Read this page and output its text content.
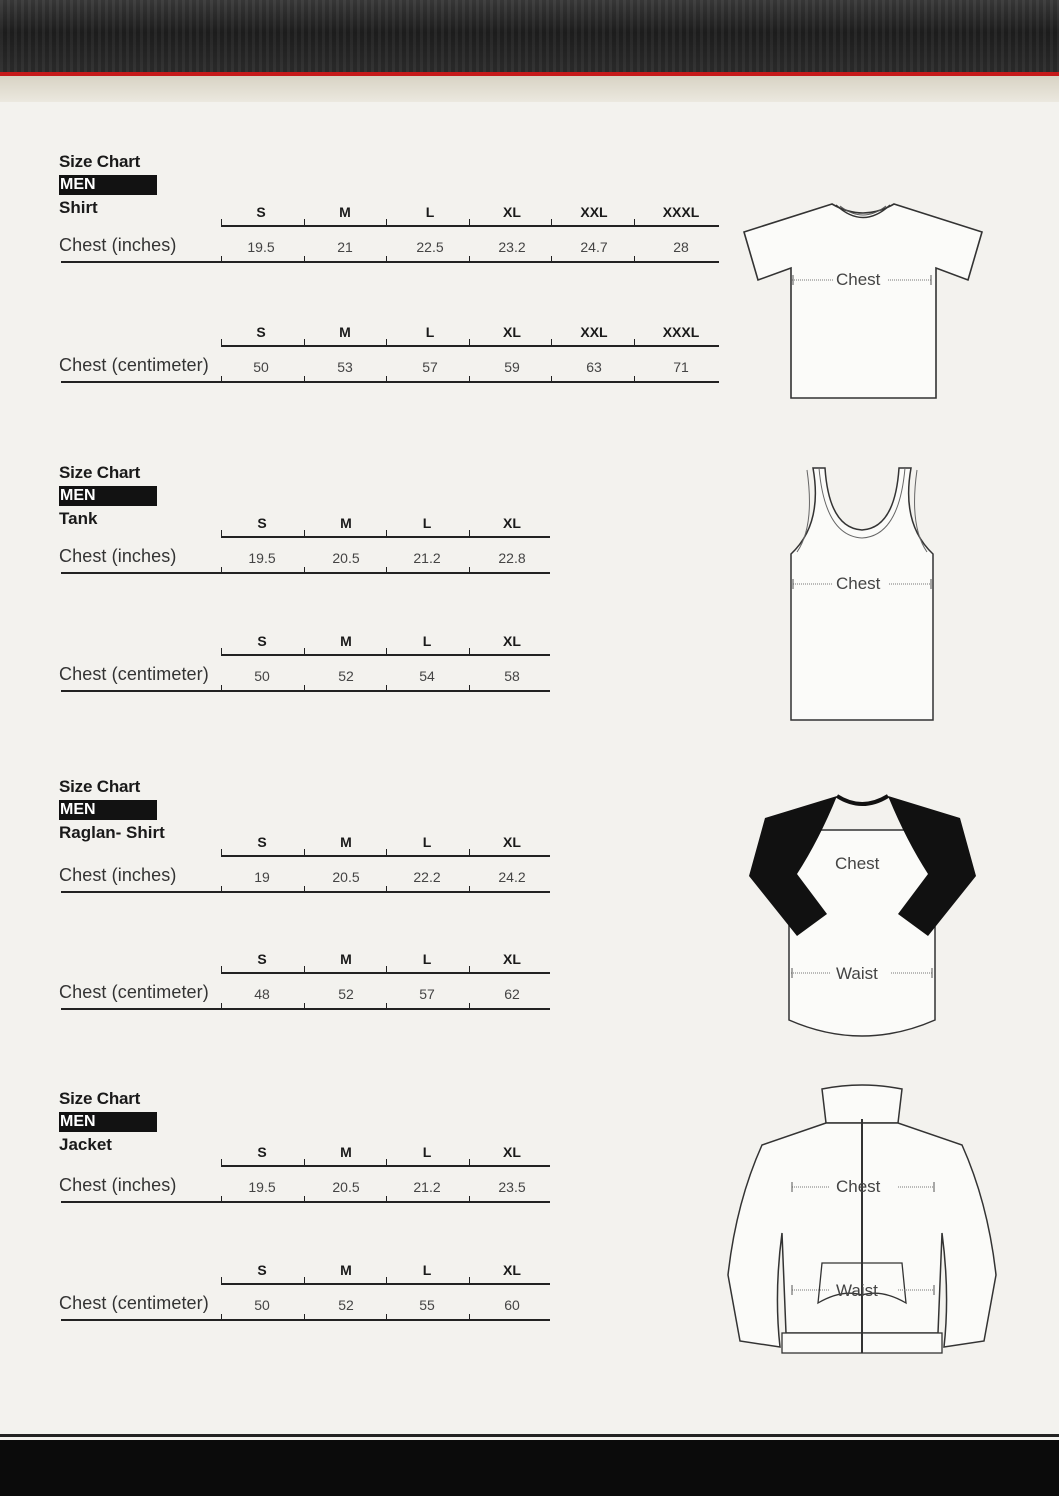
Size Chart
MEN
Shirt	S	M	L	XL	XXL	XXXL
Chest (inches)	19.5	21	22.5	23.2	24.7	28
S	M	L	XL	XXL	XXXL
Chest (centimeter)	50	53	57	59	63	71
Size Chart
MEN
Tank	S	M	L	XL
Chest (inches)	19.5	20.5	21.2	22.8
S	M	L	XL
Chest (centimeter)	50	52	54	58
Size Chart
MEN
Raglan- Shirt	S	M	L	XL
Chest (inches)	19	20.5	22.2	24.2
S	M	L	XL
Chest (centimeter)	48	52	57	62
Size Chart
MEN
Jacket	S	M	L	XL
Chest (inches)	19.5	20.5	21.2	23.5
S	M	L	XL
Chest (centimeter)	50	52	55	60
Chest
Chest
Chest
Waist
Chest
Waist
